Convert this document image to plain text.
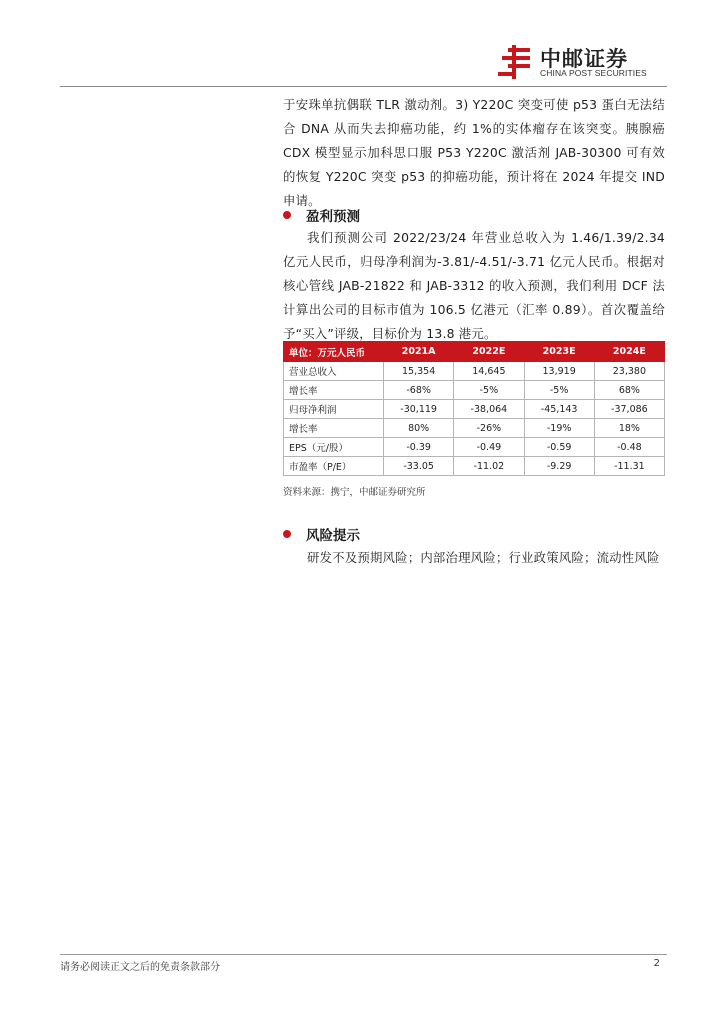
中邮证券
CHINA POST SECURITIES

于安珠单抗偶联 TLR 激动剂。3) Y220C 突变可使 p53 蛋白无法结合 DNA 从而失去抑癌功能，约 1%的实体瘤存在该突变。胰腺癌 CDX 模型显示加科思口服 P53 Y220C 激活剂 JAB-30300 可有效的恢复 Y220C 突变 p53 的抑癌功能，预计将在 2024 年提交 IND 申请。

盈利预测

我们预测公司 2022/23/24 年营业总收入为 1.46/1.39/2.34 亿元人民币，归母净利润为-3.81/-4.51/-3.71 亿元人民币。根据对核心管线 JAB-21822 和 JAB-3312 的收入预测，我们利用 DCF 法计算出公司的目标市值为 106.5 亿港元（汇率 0.89）。首次覆盖给予“买入”评级，目标价为 13.8 港元。

单位：万元人民币	2021A	2022E	2023E	2024E
营业总收入	15,354	14,645	13,919	23,380
增长率	-68%	-5%	-5%	68%
归母净利润	-30,119	-38,064	-45,143	-37,086
增长率	80%	-26%	-19%	18%
EPS（元/股）	-0.39	-0.49	-0.59	-0.48
市盈率（P/E）	-33.05	-11.02	-9.29	-11.31
资料来源：携宁，中邮证券研究所
风险提示

研发不及预期风险；内部治理风险；行业政策风险；流动性风险

请务必阅读正文之后的免责条款部分	2
